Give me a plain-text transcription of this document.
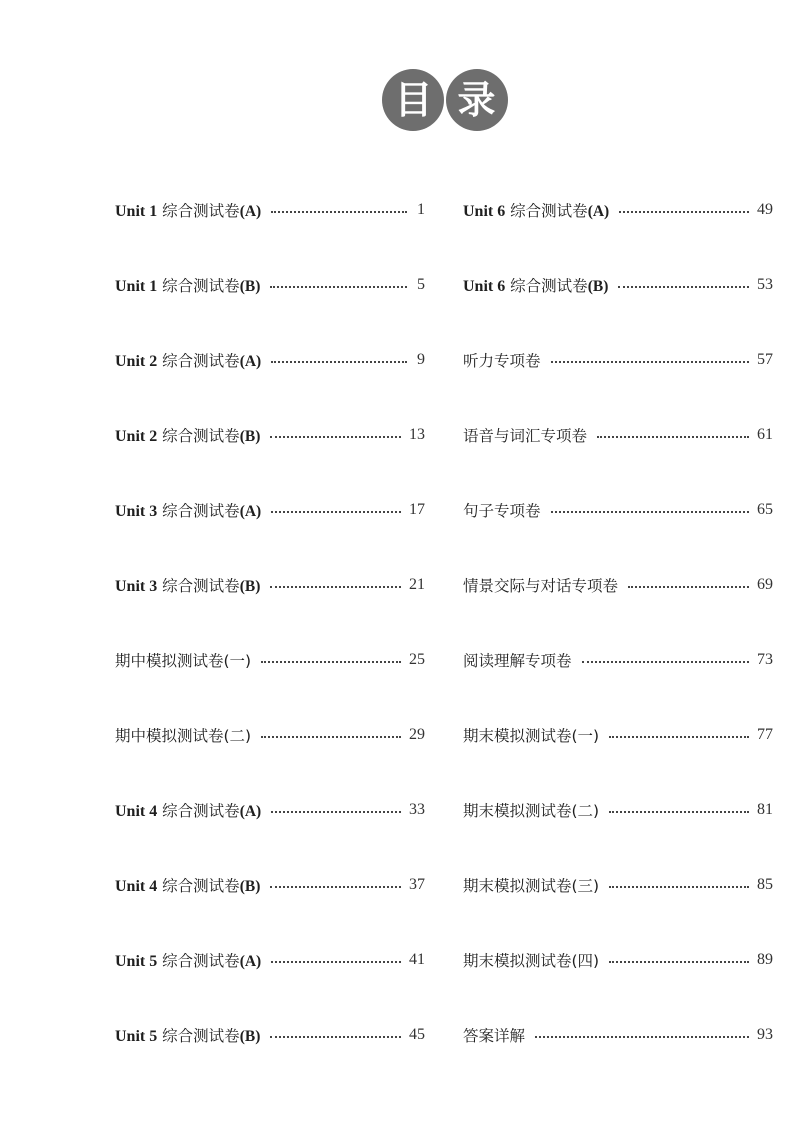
目 录
Unit 1 综合测试卷(A)	1
Unit 1 综合测试卷(B)	5
Unit 2 综合测试卷(A)	9
Unit 2 综合测试卷(B)	13
Unit 3 综合测试卷(A)	17
Unit 3 综合测试卷(B)	21
期中模拟测试卷(一)	25
期中模拟测试卷(二)	29
Unit 4 综合测试卷(A)	33
Unit 4 综合测试卷(B)	37
Unit 5 综合测试卷(A)	41
Unit 5 综合测试卷(B)	45
Unit 6 综合测试卷(A)	49
Unit 6 综合测试卷(B)	53
听力专项卷	57
语音与词汇专项卷	61
句子专项卷	65
情景交际与对话专项卷	69
阅读理解专项卷	73
期末模拟测试卷(一)	77
期末模拟测试卷(二)	81
期末模拟测试卷(三)	85
期末模拟测试卷(四)	89
答案详解	93
